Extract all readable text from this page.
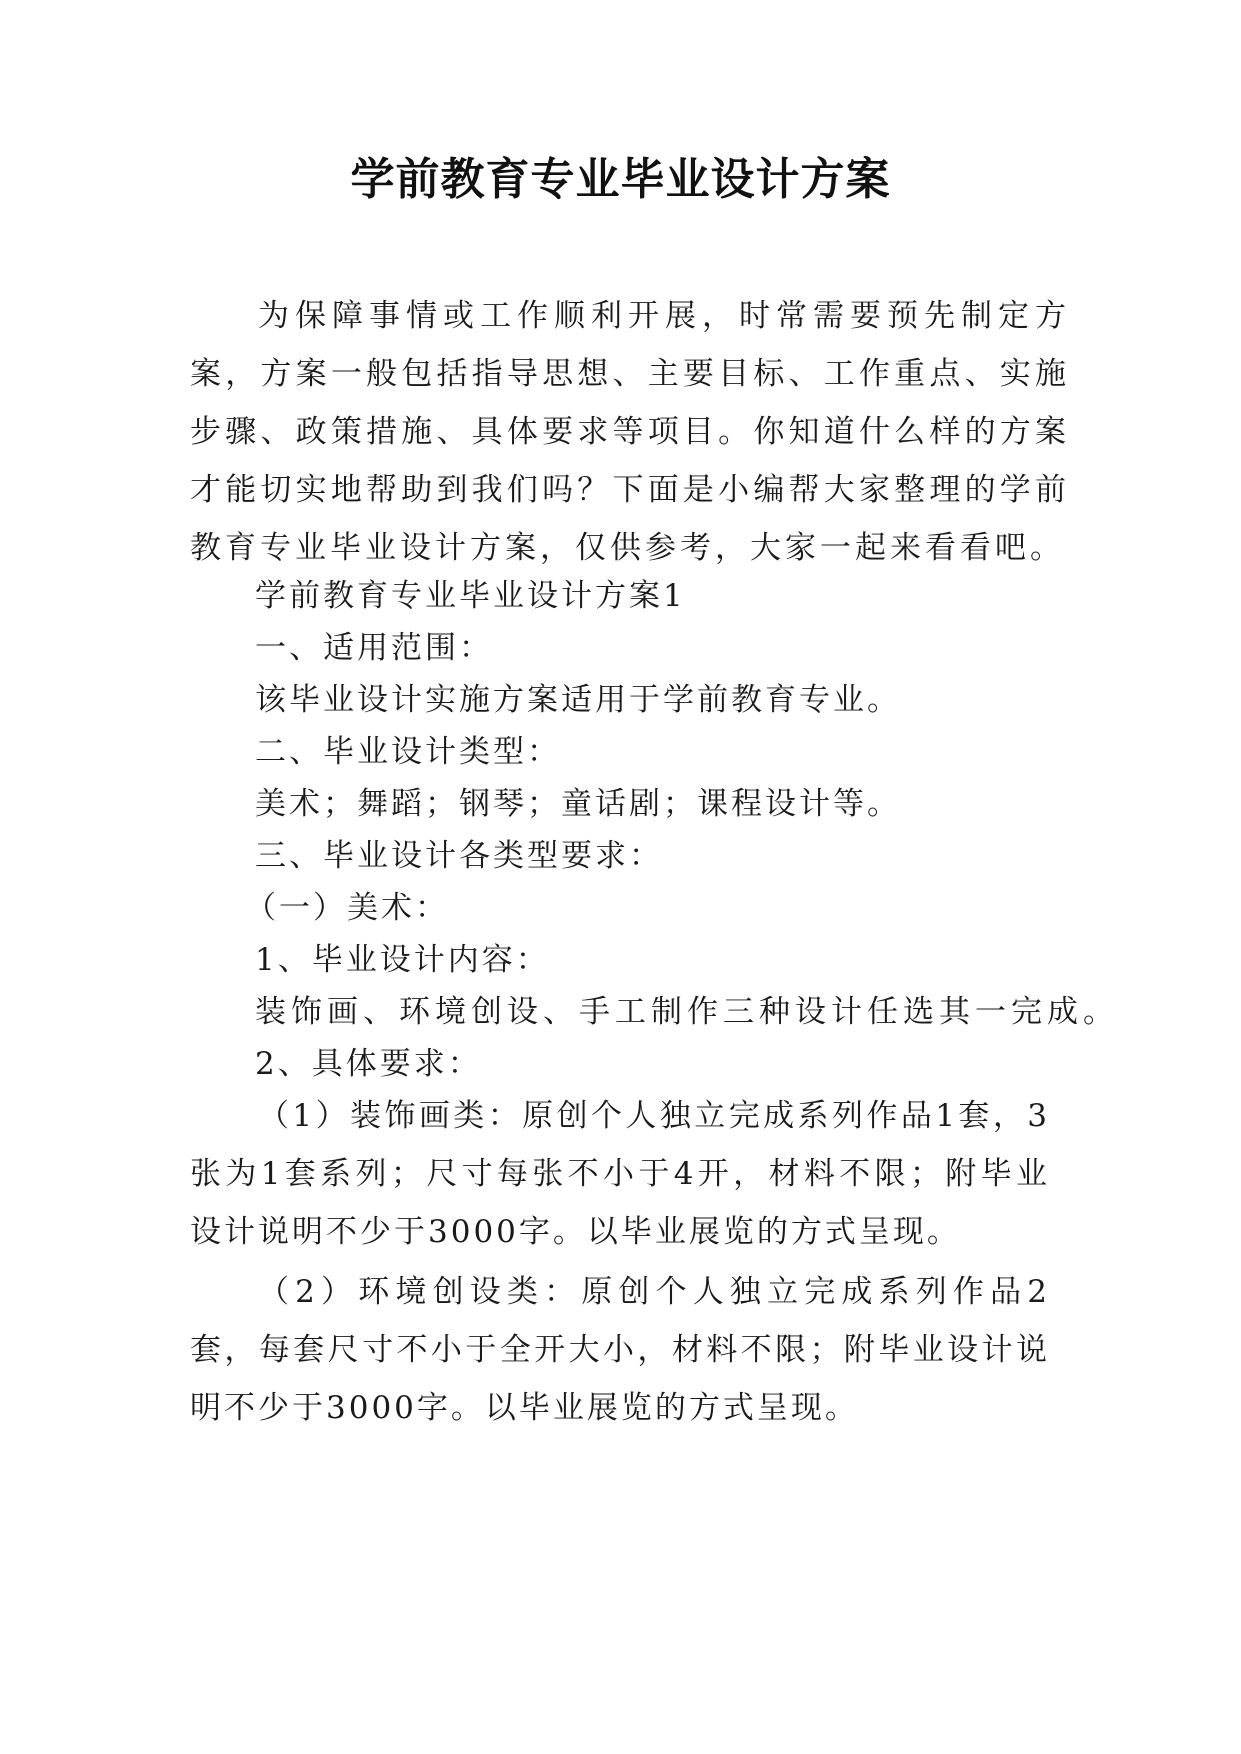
学前教育专业毕业设计方案

为保障事情或工作顺利开展，时常需要预先制定方案，方案一般包括指导思想、主要目标、工作重点、实施步骤、政策措施、具体要求等项目。你知道什么样的方案才能切实地帮助到我们吗？下面是小编帮大家整理的学前教育专业毕业设计方案，仅供参考，大家一起来看看吧。

学前教育专业毕业设计方案1

一、适用范围：

该毕业设计实施方案适用于学前教育专业。

二、毕业设计类型：

美术；舞蹈；钢琴；童话剧；课程设计等。

三、毕业设计各类型要求：

（一）美术：

1、毕业设计内容：

装饰画、环境创设、手工制作三种设计任选其一完成。

2、具体要求：

（1）装饰画类：原创个人独立完成系列作品1套，3张为1套系列；尺寸每张不小于4开，材料不限；附毕业设计说明不少于3000字。以毕业展览的方式呈现。

（2）环境创设类：原创个人独立完成系列作品2套，每套尺寸不小于全开大小，材料不限；附毕业设计说明不少于3000字。以毕业展览的方式呈现。
